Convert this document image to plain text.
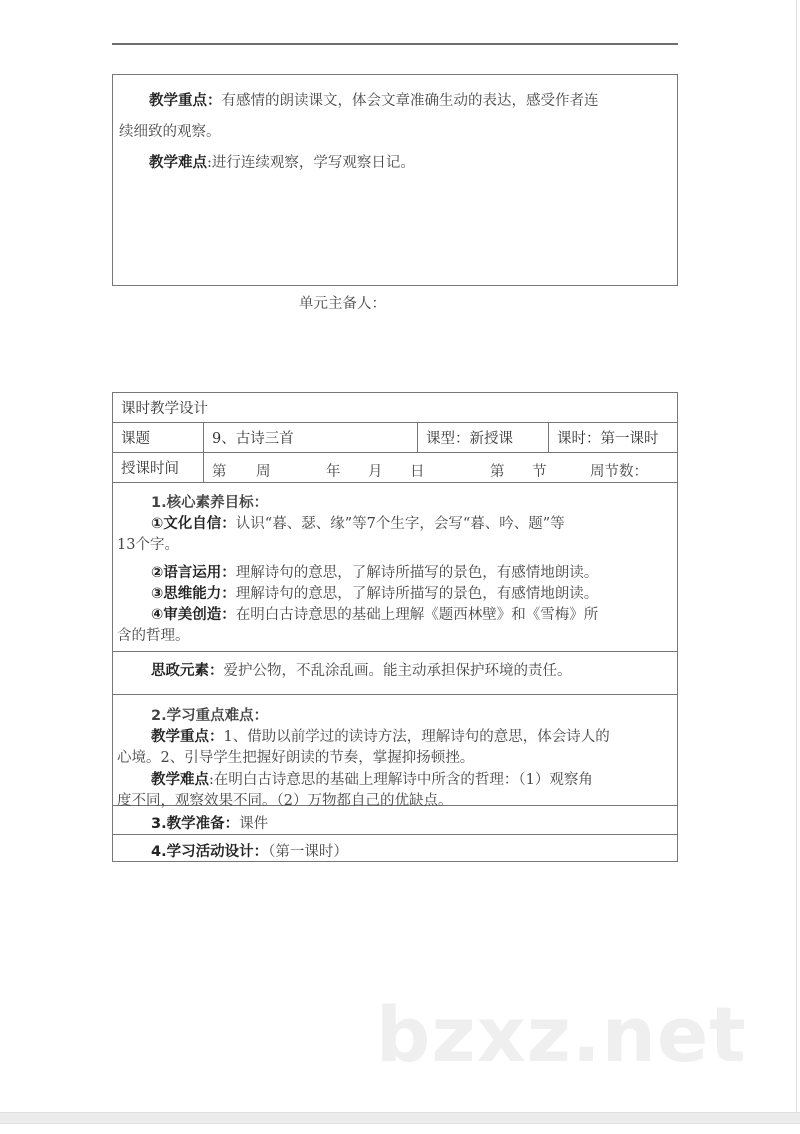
教学重点：有感情的朗读课文，体会文章准确生动的表达，感受作者连
续细致的观察。
教学难点:进行连续观察，学写观察日记。
单元主备人：
课时教学设计			
课题	9、古诗三首	课型：新授课	课时：第一课时
授课时间	第 周	年 月 日	第 节	周节数：

1.核心素养目标：
①文化自信：认识“暮、瑟、缘”等7个生字，会写“暮、吟、题”等
13个字。
②语言运用：理解诗句的意思，了解诗所描写的景色，有感情地朗读。
③思维能力：理解诗句的意思，了解诗所描写的景色，有感情地朗读。
④审美创造：在明白古诗意思的基础上理解《题西林壁》和《雪梅》所
含的哲理。

思政元素：爱护公物，不乱涂乱画。能主动承担保护环境的责任。			

2.学习重点难点：
教学重点：1、借助以前学过的读诗方法，理解诗句的意思，体会诗人的
心境。2、引导学生把握好朗读的节奏，掌握抑扬顿挫。
教学难点:在明白古诗意思的基础上理解诗中所含的哲理：（1）观察角
度不同，观察效果不同。（2）万物都自己的优缺点。			

3.教学准备：课件			

4.学习活动设计：（第一课时）			
bzxz.net
